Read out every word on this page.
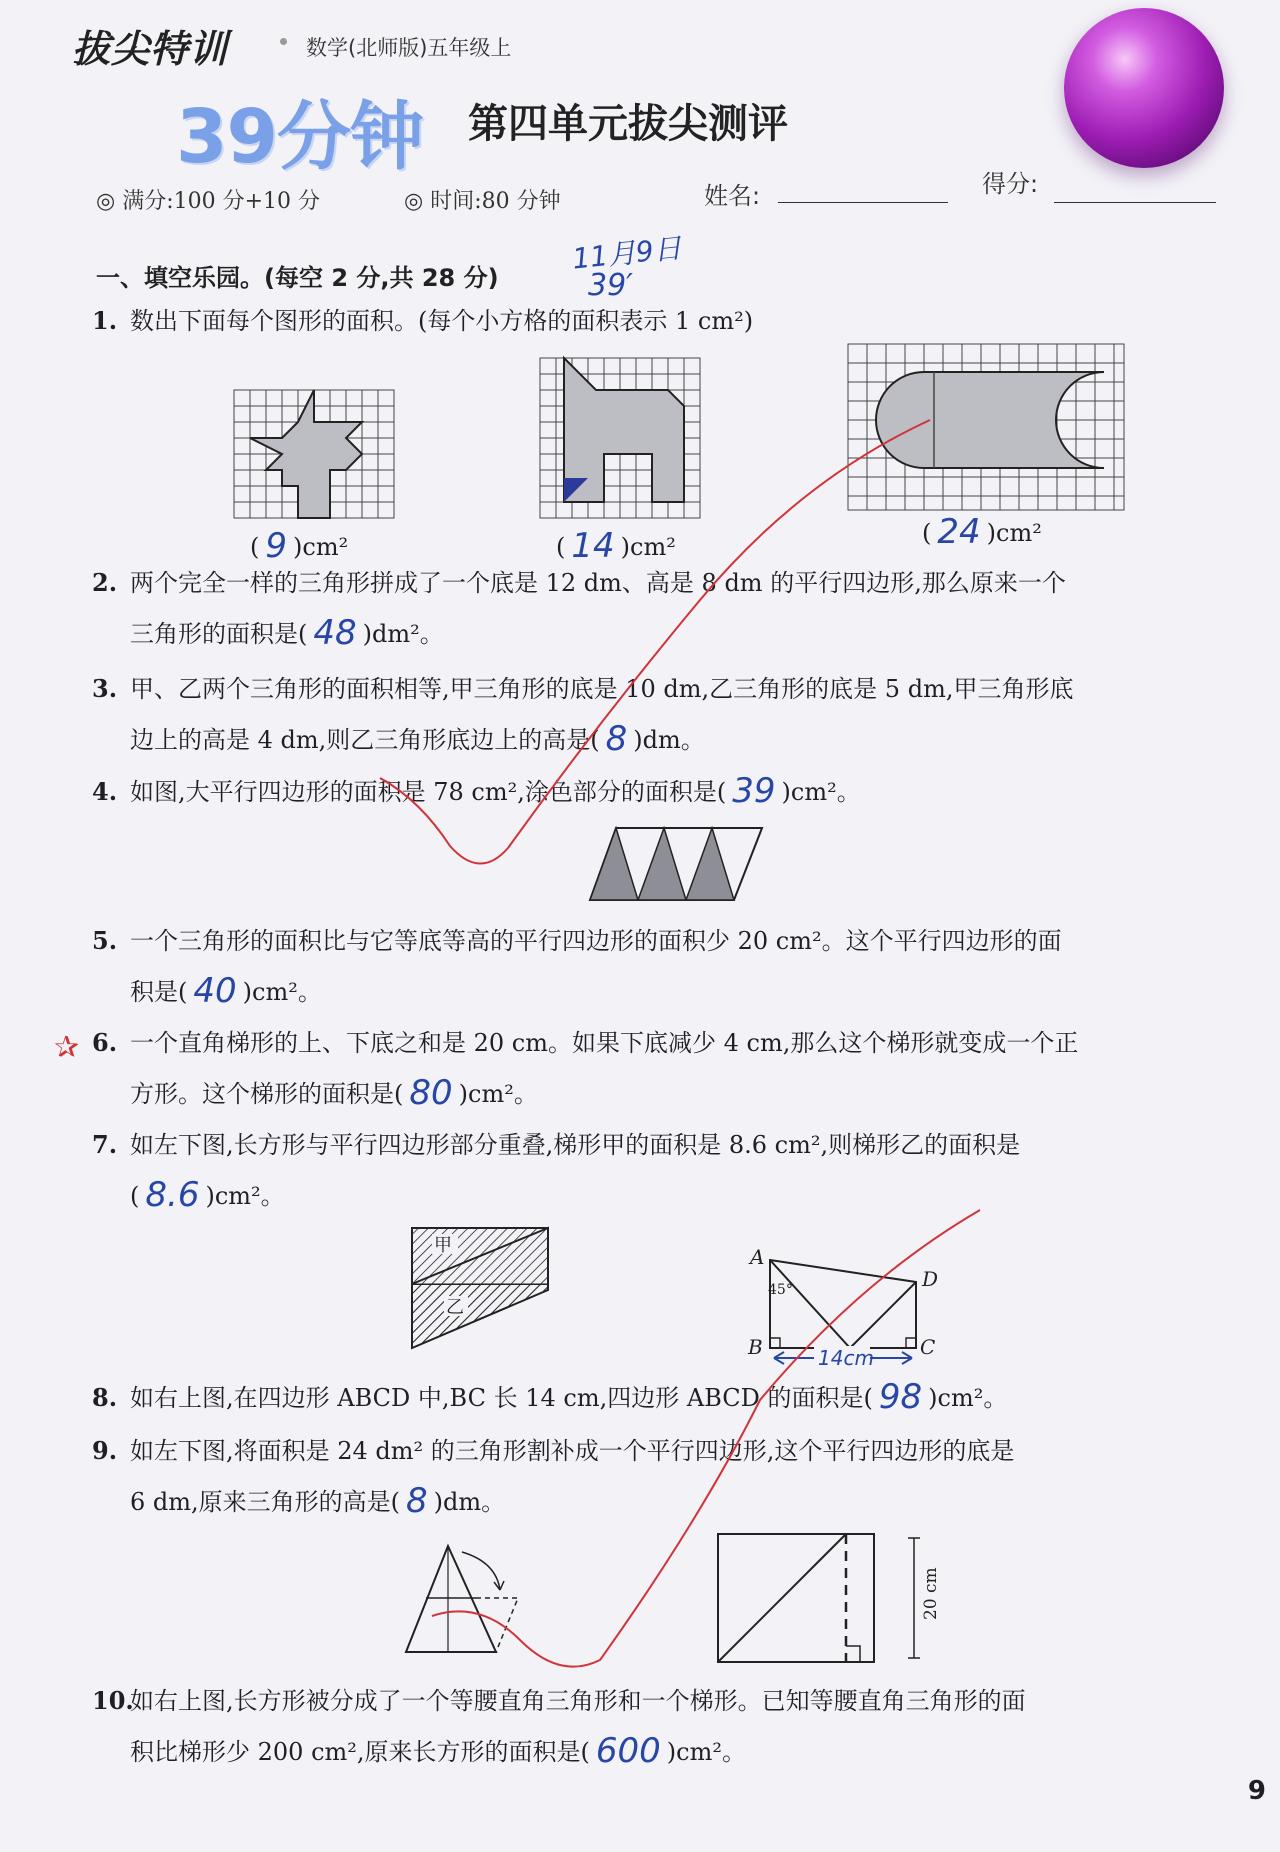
拔尖特训	数学(北师版)五年级上
39分钟 第四单元拔尖测评
◎ 满分:100 分+10 分	◎ 时间:80 分钟	姓名:	得分:
11月9日
39′
一、填空乐园。(每空 2 分,共 28 分)
1. 数出下面每个图形的面积。(每个小方格的面积表示 1 cm²)
( 9 )cm²	( 14 )cm²	( 24 )cm²
2. 两个完全一样的三角形拼成了一个底是 12 dm、高是 8 dm 的平行四边形,那么原来一个
三角形的面积是( 48 )dm²。
3. 甲、乙两个三角形的面积相等,甲三角形的底是 10 dm,乙三角形的底是 5 dm,甲三角形底
边上的高是 4 dm,则乙三角形底边上的高是( 8 )dm。
4. 如图,大平行四边形的面积是 78 cm²,涂色部分的面积是( 39 )cm²。
5. 一个三角形的面积比与它等底等高的平行四边形的面积少 20 cm²。这个平行四边形的面
积是( 40 )cm²。
✰ 6. 一个直角梯形的上、下底之和是 20 cm。如果下底减少 4 cm,那么这个梯形就变成一个正
方形。这个梯形的面积是( 80 )cm²。
7. 如左下图,长方形与平行四边形部分重叠,梯形甲的面积是 8.6 cm²,则梯形乙的面积是
( 8.6 )cm²。
甲
乙
A
D
B	C
45°
14cm
8. 如右上图,在四边形 ABCD 中,BC 长 14 cm,四边形 ABCD 的面积是( 98 )cm²。
9. 如左下图,将面积是 24 dm² 的三角形割补成一个平行四边形,这个平行四边形的底是
6 dm,原来三角形的高是( 8 )dm。
20 cm
10.如右上图,长方形被分成了一个等腰直角三角形和一个梯形。已知等腰直角三角形的面
积比梯形少 200 cm²,原来长方形的面积是( 600 )cm²。
9
